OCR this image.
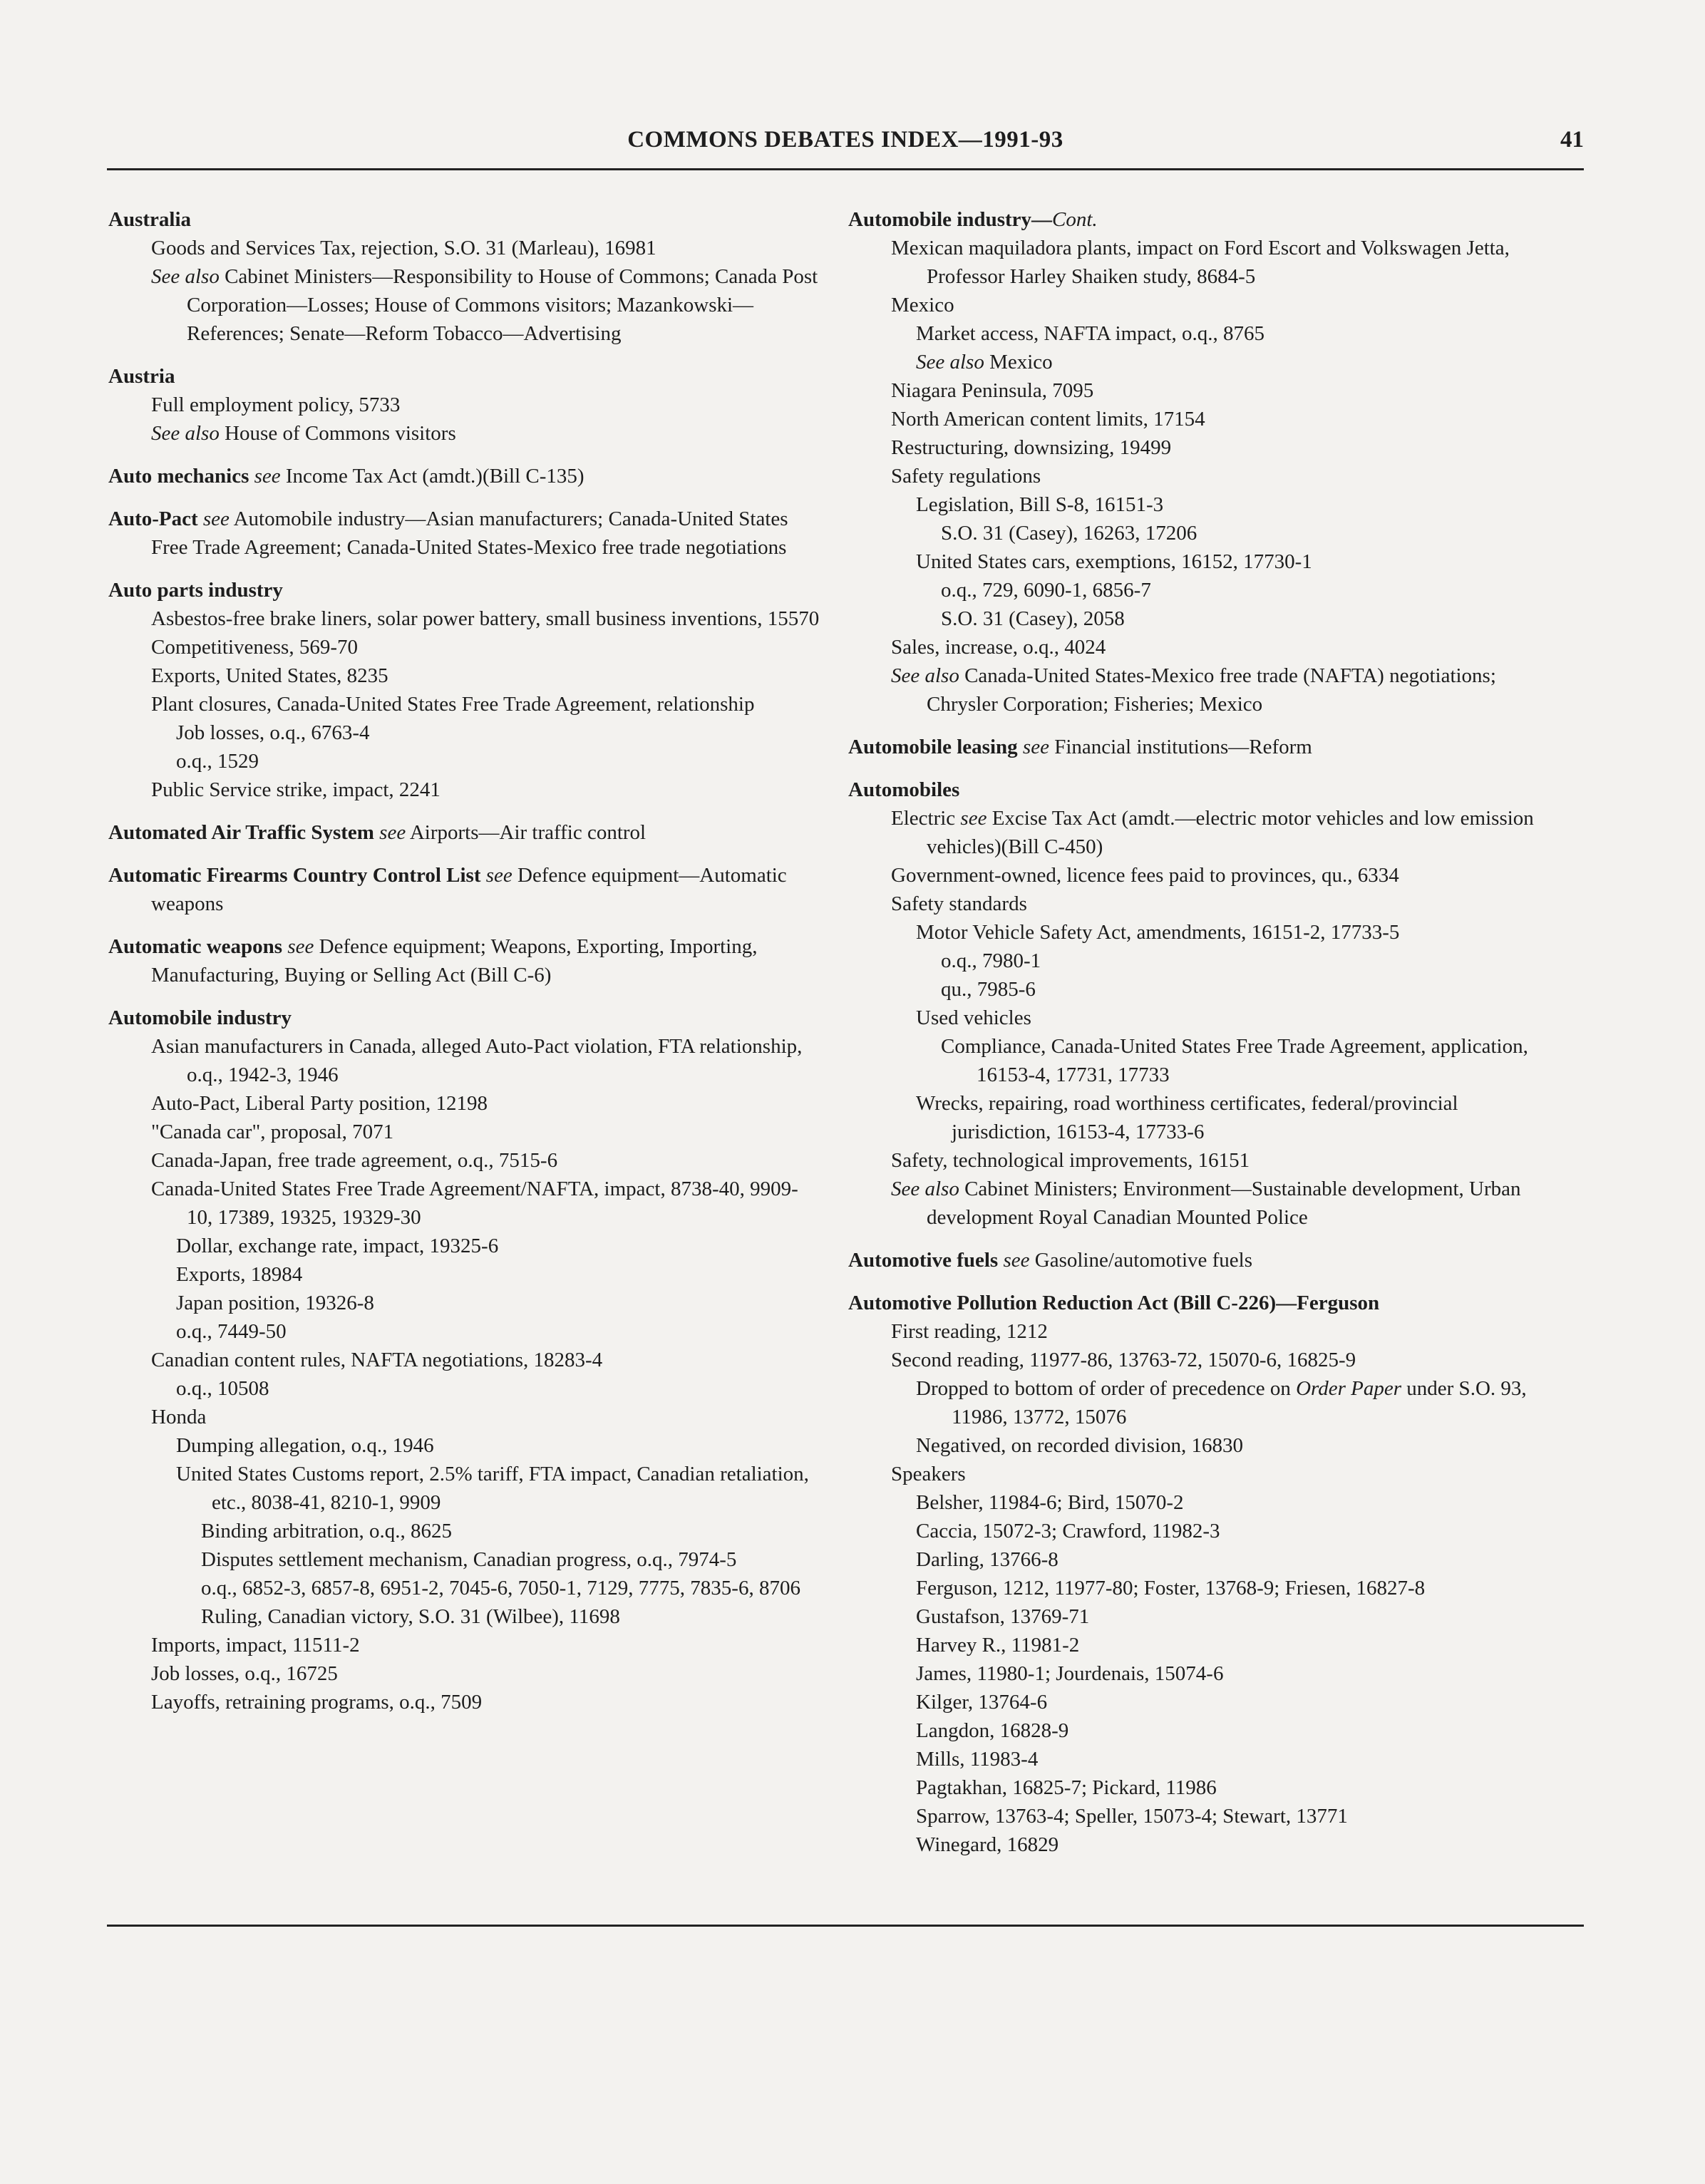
COMMONS DEBATES INDEX—1991-93	41
Australia
Goods and Services Tax, rejection, S.O. 31 (Marleau), 16981
See also Cabinet Ministers—Responsibility to House of Commons; Canada Post Corporation—Losses; House of Commons visitors; Mazankowski—References; Senate—Reform Tobacco—Advertising
Austria
Full employment policy, 5733
See also House of Commons visitors
Auto mechanics see Income Tax Act (amdt.)(Bill C-135)
Auto-Pact see Automobile industry—Asian manufacturers; Canada-United States Free Trade Agreement; Canada-United States-Mexico free trade negotiations
Auto parts industry
Asbestos-free brake liners, solar power battery, small business inventions, 15570
Competitiveness, 569-70
Exports, United States, 8235
Plant closures, Canada-United States Free Trade Agreement, relationship
Job losses, o.q., 6763-4
o.q., 1529
Public Service strike, impact, 2241
Automated Air Traffic System see Airports—Air traffic control
Automatic Firearms Country Control List see Defence equipment—Automatic weapons
Automatic weapons see Defence equipment; Weapons, Exporting, Importing, Manufacturing, Buying or Selling Act (Bill C-6)
Automobile industry
Asian manufacturers in Canada, alleged Auto-Pact violation, FTA relationship, o.q., 1942-3, 1946
Auto-Pact, Liberal Party position, 12198
"Canada car", proposal, 7071
Canada-Japan, free trade agreement, o.q., 7515-6
Canada-United States Free Trade Agreement/NAFTA, impact, 8738-40, 9909-10, 17389, 19325, 19329-30
Dollar, exchange rate, impact, 19325-6
Exports, 18984
Japan position, 19326-8
o.q., 7449-50
Canadian content rules, NAFTA negotiations, 18283-4
o.q., 10508
Honda
Dumping allegation, o.q., 1946
United States Customs report, 2.5% tariff, FTA impact, Canadian retaliation, etc., 8038-41, 8210-1, 9909
Binding arbitration, o.q., 8625
Disputes settlement mechanism, Canadian progress, o.q., 7974-5
o.q., 6852-3, 6857-8, 6951-2, 7045-6, 7050-1, 7129, 7775, 7835-6, 8706
Ruling, Canadian victory, S.O. 31 (Wilbee), 11698
Imports, impact, 11511-2
Job losses, o.q., 16725
Layoffs, retraining programs, o.q., 7509
Automobile industry—Cont.
Mexican maquiladora plants, impact on Ford Escort and Volkswagen Jetta, Professor Harley Shaiken study, 8684-5
Mexico
Market access, NAFTA impact, o.q., 8765
See also Mexico
Niagara Peninsula, 7095
North American content limits, 17154
Restructuring, downsizing, 19499
Safety regulations
Legislation, Bill S-8, 16151-3
S.O. 31 (Casey), 16263, 17206
United States cars, exemptions, 16152, 17730-1
o.q., 729, 6090-1, 6856-7
S.O. 31 (Casey), 2058
Sales, increase, o.q., 4024
See also Canada-United States-Mexico free trade (NAFTA) negotiations; Chrysler Corporation; Fisheries; Mexico
Automobile leasing see Financial institutions—Reform
Automobiles
Electric see Excise Tax Act (amdt.—electric motor vehicles and low emission vehicles)(Bill C-450)
Government-owned, licence fees paid to provinces, qu., 6334
Safety standards
Motor Vehicle Safety Act, amendments, 16151-2, 17733-5
o.q., 7980-1
qu., 7985-6
Used vehicles
Compliance, Canada-United States Free Trade Agreement, application, 16153-4, 17731, 17733
Wrecks, repairing, road worthiness certificates, federal/provincial jurisdiction, 16153-4, 17733-6
Safety, technological improvements, 16151
See also Cabinet Ministers; Environment—Sustainable development, Urban development Royal Canadian Mounted Police
Automotive fuels see Gasoline/automotive fuels
Automotive Pollution Reduction Act (Bill C-226)—Ferguson
First reading, 1212
Second reading, 11977-86, 13763-72, 15070-6, 16825-9
Dropped to bottom of order of precedence on Order Paper under S.O. 93, 11986, 13772, 15076
Negatived, on recorded division, 16830
Speakers
Belsher, 11984-6; Bird, 15070-2
Caccia, 15072-3; Crawford, 11982-3
Darling, 13766-8
Ferguson, 1212, 11977-80; Foster, 13768-9; Friesen, 16827-8
Gustafson, 13769-71
Harvey R., 11981-2
James, 11980-1; Jourdenais, 15074-6
Kilger, 13764-6
Langdon, 16828-9
Mills, 11983-4
Pagtakhan, 16825-7; Pickard, 11986
Sparrow, 13763-4; Speller, 15073-4; Stewart, 13771
Winegard, 16829
